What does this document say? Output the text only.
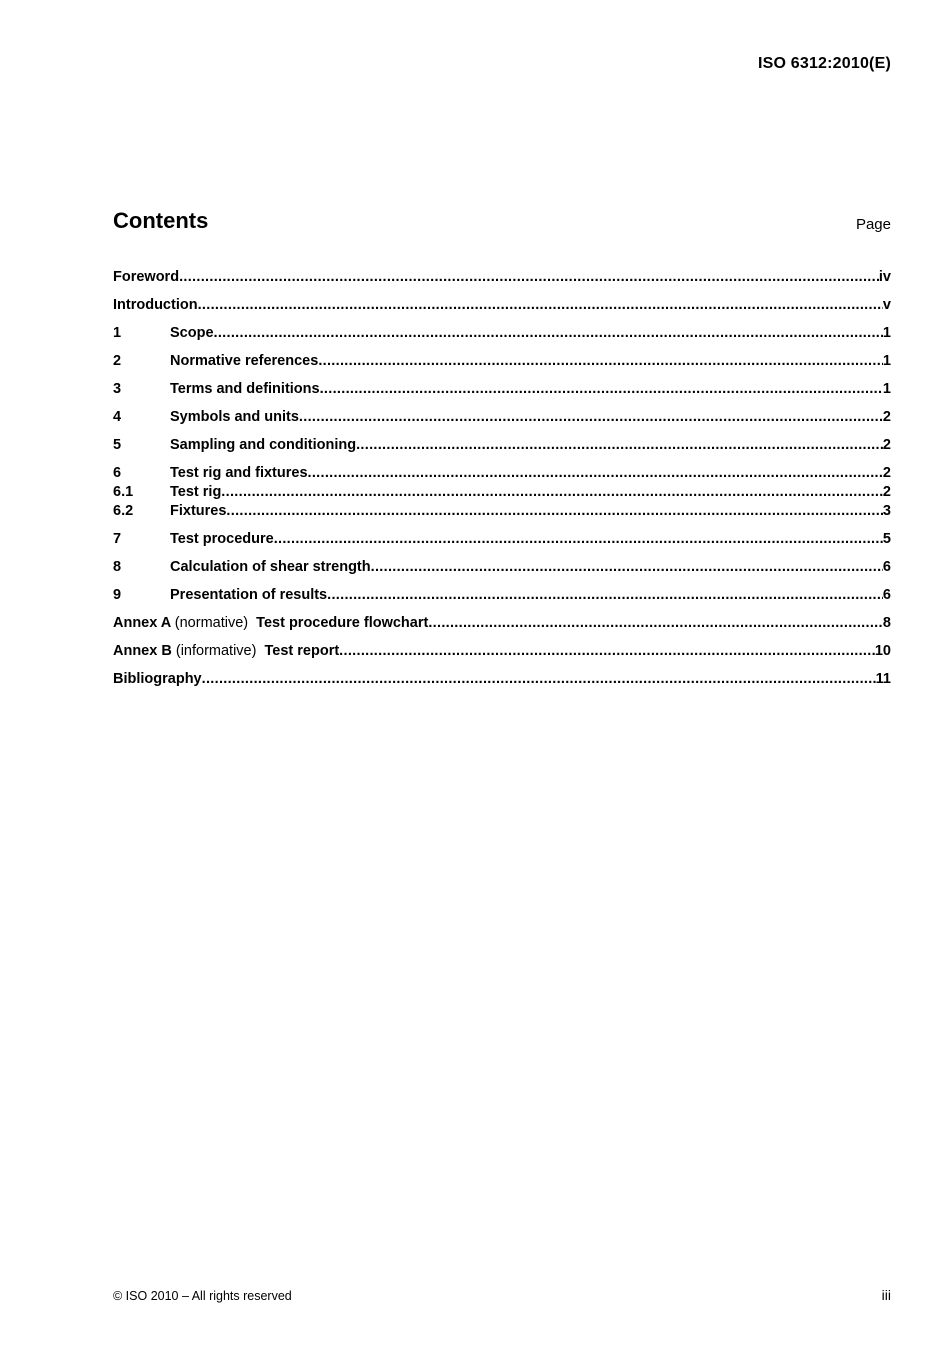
ISO 6312:2010(E)
Contents	Page
Foreword .....	iv
Introduction .....	v
1	Scope .....	1
2	Normative references .....	1
3	Terms and definitions .....	1
4	Symbols and units .....	2
5	Sampling and conditioning .....	2
6	Test rig and fixtures .....	2
6.1	Test rig .....	2
6.2	Fixtures .....	3
7	Test procedure .....	5
8	Calculation of shear strength .....	6
9	Presentation of results .....	6
Annex A (normative) Test procedure flowchart .....	8
Annex B (informative) Test report .....	10
Bibliography .....	11
© ISO 2010 – All rights reserved	iii
